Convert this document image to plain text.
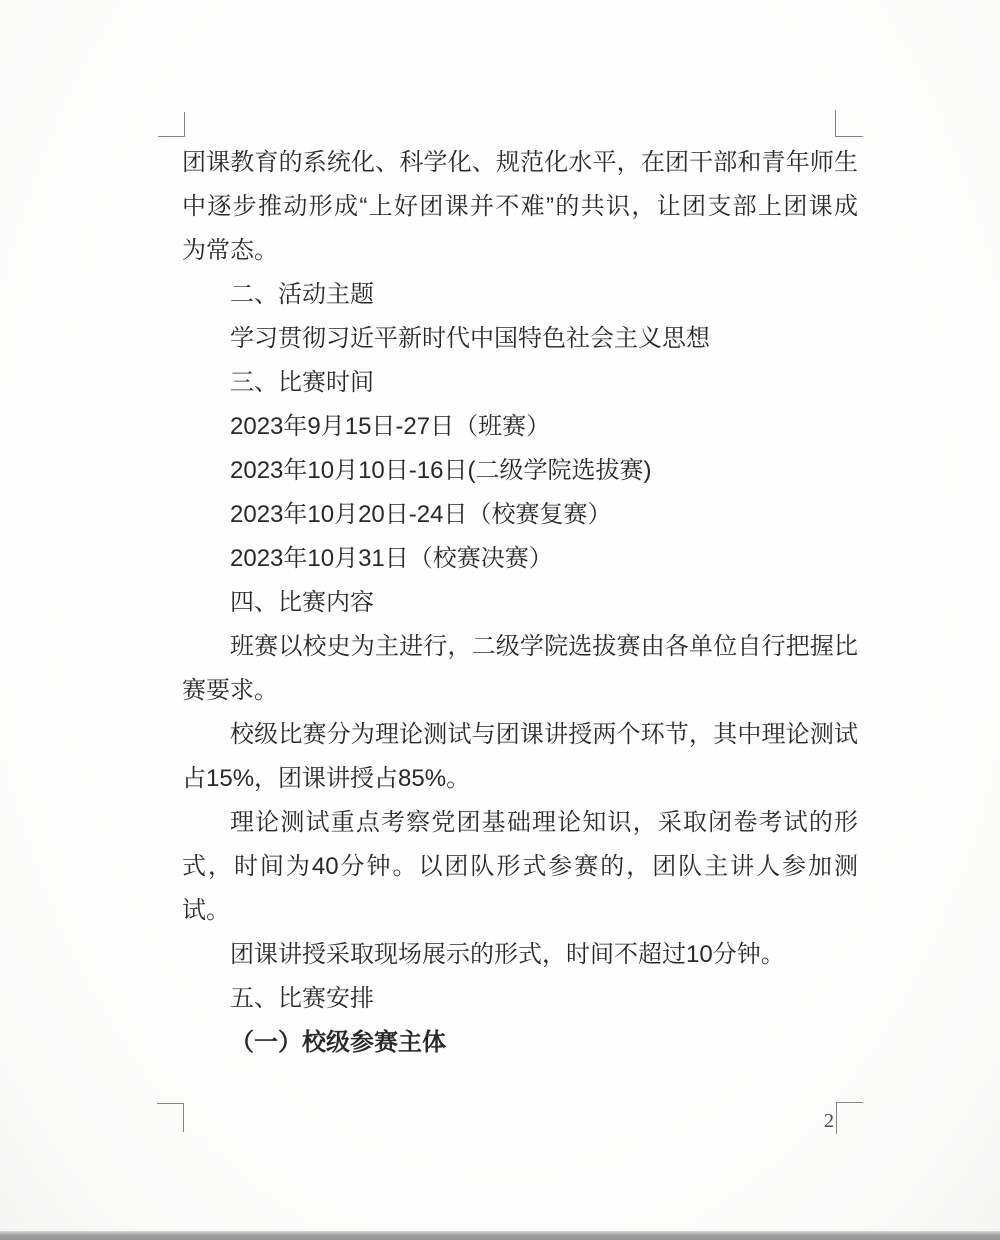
团课教育的系统化、科学化、规范化水平，在团干部和青年师生
中逐步推动形成“上好团课并不难”的共识，让团支部上团课成
为常态。
二、活动主题
学习贯彻习近平新时代中国特色社会主义思想
三、比赛时间
2023年9月15日-27日（班赛）
2023年10月10日-16日(二级学院选拔赛)
2023年10月20日-24日（校赛复赛）
2023年10月31日（校赛决赛）
四、比赛内容
班赛以校史为主进行，二级学院选拔赛由各单位自行把握比
赛要求。
校级比赛分为理论测试与团课讲授两个环节，其中理论测试
占15%，团课讲授占85%。
理论测试重点考察党团基础理论知识，采取闭卷考试的形
式，时间为40分钟。以团队形式参赛的，团队主讲人参加测
试。
团课讲授采取现场展示的形式，时间不超过10分钟。
五、比赛安排
（一）校级参赛主体
2
